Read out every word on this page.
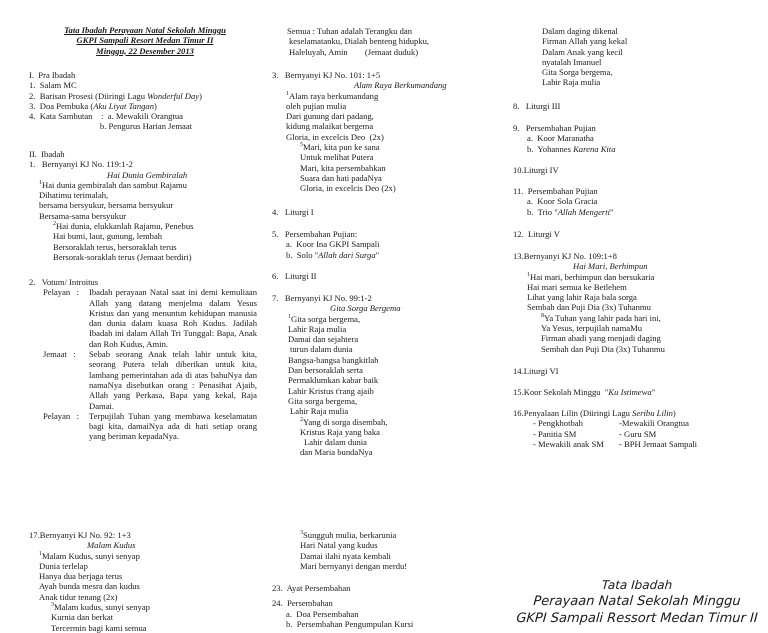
Tata Ibadah Perayaan Natal Sekolah Minggu
GKPI Sampali Resort Medan Timur II
Minggu, 22 Desember 2013
I.  Pra Ibadah
1.  Salam MC
2.  Barisan Prosesi (Diiringi Lagu Wonderful Day)
3.  Doa Pembuka (Aku Liyat Tangan)
4.  Kata Sambutan    :  a. Mewakili Orangtua
b. Pengurus Harian Jemaat
II.  Ibadah
1.   Bernyanyi KJ No. 119:1-2
Hai Dunia Gembiralah
1Hai dunia gembiralah dan sambut Rajamu
Dihatimu terimalah,
bersama bersyukur, bersama bersyukur
Bersama-sama bersyukur
2Hai dunia, elukkanlah Rajamu, Penebus
Hai bumi, laut, gunung, lembah
Bersoraklah terus, bersoraklah terus
Bersorak-soraklah terus (Jemaat berdiri)
2.   Votum/ Introitus
Pelayan   :	Ibadah perayaan Natal saat ini demi kemuliaan Allah yang datang menjelma dalam Yesus Kristus dan yang menuntun kehidupan manusia dan dunia dalam kuasa Roh Kudus. Jadilah Ibadah ini dalam Allah Tri Tunggal: Bapa, Anak dan Roh Kudus, Amin.
Jemaat   :	Sebab seorang Anak telah lahir untuk kita, seorang Putera telah diberikan untuk kita, lambang pemerintahan ada di atas bahuNya dan namaNya disebutkan orang : Penasihat Ajaib, Allah yang Perkasa, Bapa yang kekal, Raja Damai.
Pelayan   :	Terpujilah Tuhan yang membawa keselamatan bagi kita, damaiNya ada di hati setiap orang yang beriman kepadaNya.
17.Bernyanyi KJ No. 92: 1+3
Malam Kudus
1Malam Kudus, sunyi senyap
Dunia terlelap
Hanya dua berjaga terus
Ayah bunda mesra dan kudus
Anak tidur tenang (2x)
3Malam kudus, sunyi senyap
Kurnia dan berkat
Tercermin bagi kami semua
Semua : Tuhan adalah Terangku dan
keselamatanku, Dialah benteng hidupku,
Haleluyah, Amin        (Jemaat duduk)
3.   Bernyanyi KJ No. 101: 1+5
Alam Raya Berkumandang
1Alam raya berkumandang
oleh pujian mulia
Dari gunung dari padang,
kidung malaikat bergema
Gloria, in excelcis Deo  (2x)
5Mari, kita pun ke sana
Untuk melihat Putera
Mari, kita persembahkan
Suara dan hati padaNya
Gloria, in excelcis Deo (2x)
4.   Liturgi I
5.   Persembahan Pujian:
a.  Koor Ina GKPI Sampali
b.  Solo "Allah dari Surga"
6.   Liturgi II
7.   Bernyanyi KJ No. 99:1-2
Gita Sorga Bergema
1Gita sorga bergema,
Lahir Raja mulia
Damai dan sejahtera
turun dalam dunia
Bangsa-bangsa bangkitlah
Dan bersoraklah serta
Permaklumkan kabar baik
Lahir Kristus t'rang ajaib
Gita sorga bergema,
Lahir Raja mulia
2Yang di sorga disembah,
Kristus Raja yang baka
Lahir dalam dunia
dan Maria bundaNya
3Sungguh mulia, berkarunia
Hari Natal yang kudus
Damai ilahi nyata kembali
Mari bernyanyi dengan merdu!
23.  Ayat Persembahan
24.  Persembahan
a.  Doa Persembahan
b.  Persembahan Pengumpulan Kursi
Dalam daging dikenal
Firman Allah yang kekal
Dalam Anak yang kecil
nyatalah Imanuel
Gita Sorga bergema,
Lahir Raja mulia
8.   Liturgi III
9.   Persembahan Pujian
a.  Koor Maranatha
b.  Yohannes Karena Kita
10.Liturgi IV
11.  Persembahan Pujian
a.  Koor Sola Gracia
b.  Trio "Allah Mengerti"
12.  Liturgi V
13.Bernyanyi KJ No. 109:1+8
Hai Mari, Berhimpun
1Hai mari, berhimpun dan bersukaria
Hai mari semua ke Betlehem
Lihat yang lahir Raja bala sorga
Sembah dan Puji Dia (3x) Tuhanmu
8Ya Tuhan yang lahir pada hari ini,
Ya Yesus, terpujilah namaMu
Firman abadi yang menjadi daging
Sembah dan Puji Dia (3x) Tuhanmu
14.Liturgi VI
15.Koor Sekolah Minggu  "Ku Istimewa"
16.Penyalaan Lilin (Diiringi Lagu Seribu Lilin)
- Pengkhotbah	-Mewakili Orangtua
- Panitia SM	- Guru SM
- Mewakili anak SM	- BPH Jemaat Sampali
Tata Ibadah
Perayaan Natal Sekolah Minggu
GKPI Sampali Ressort Medan Timur II
